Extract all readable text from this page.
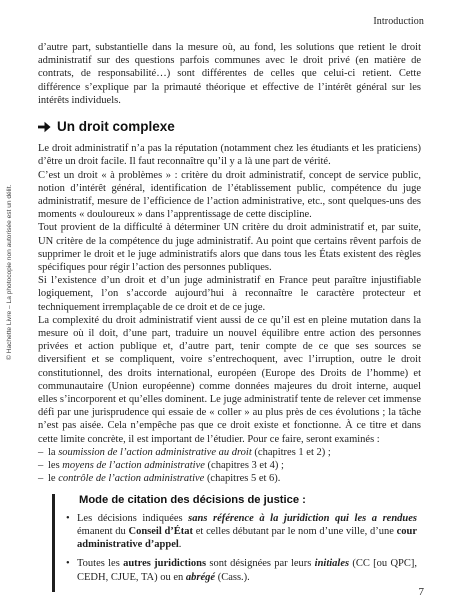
Introduction
© Hachette Livre – La photocopie non autorisée est un délit.

d’autre part, substantielle dans la mesure où, au fond, les solutions que retient le droit administratif sur des questions parfois communes avec le droit privé (en matière de contrats, de responsabilité…) sont différentes de celles que celui-ci retient. Cette différence s’explique par la primauté théorique et effective de l’intérêt général sur les intérêts individuels.

Un droit complexe

Le droit administratif n’a pas la réputation (notamment chez les étudiants et les praticiens) d’être un droit facile. Il faut reconnaître qu’il y a là une part de vérité.

C’est un droit « à problèmes » : critère du droit administratif, concept de service public, notion d’intérêt général, identification de l’établissement public, compétence du juge administratif, mesure de l’efficience de l’action administrative, etc., sont quelques-uns des moments « douloureux » dans l’apprentissage de cette discipline.

Tout provient de la difficulté à déterminer UN critère du droit administratif et, par suite, UN critère de la compétence du juge administratif. Au point que certains rêvent parfois de supprimer le droit et le juge administratifs alors que dans tous les États existent des règles spécifiques pour régir l’action des personnes publiques.

Si l’existence d’un droit et d’un juge administratif en France peut paraître injustifiable logiquement, l’on s’accorde aujourd’hui à reconnaître le caractère protecteur et techniquement irremplaçable de ce droit et de ce juge.

La complexité du droit administratif vient aussi de ce qu’il est en pleine mutation dans la mesure où il doit, d’une part, traduire un nouvel équilibre entre action des personnes privées et action publique et, d’autre part, tenir compte de ce que ses sources se diversifient et se compliquent, voire s’entrechoquent, avec l’irruption, outre le droit constitutionnel, des droits international, européen (Europe des Droits de l’homme) et communautaire (Union européenne) comme données majeures du droit interne, auquel elles s’incorporent et qu’elles dominent. Le juge administratif tente de relever cet immense défi par une jurisprudence qui essaie de « coller » au plus près de ces évolutions ; la tâche n’est pas aisée. Cela n’empêche pas que ce droit existe et fonctionne. À ce titre et dans cette limite concrète, il est important de l’étudier. Pour ce faire, seront examinés :

– la soumission de l’action administrative au droit (chapitres 1 et 2) ;
– les moyens de l’action administrative (chapitres 3 et 4) ;
– le contrôle de l’action administrative (chapitres 5 et 6).
Mode de citation des décisions de justice :
• Les décisions indiquées sans référence à la juridiction qui les a rendues émanent du Conseil d’État et celles débutant par le nom d’une ville, d’une cour administrative d’appel.
• Toutes les autres juridictions sont désignées par leurs initiales (CC [ou QPC], CEDH, CJUE, TA) ou en abrégé (Cass.).
7
